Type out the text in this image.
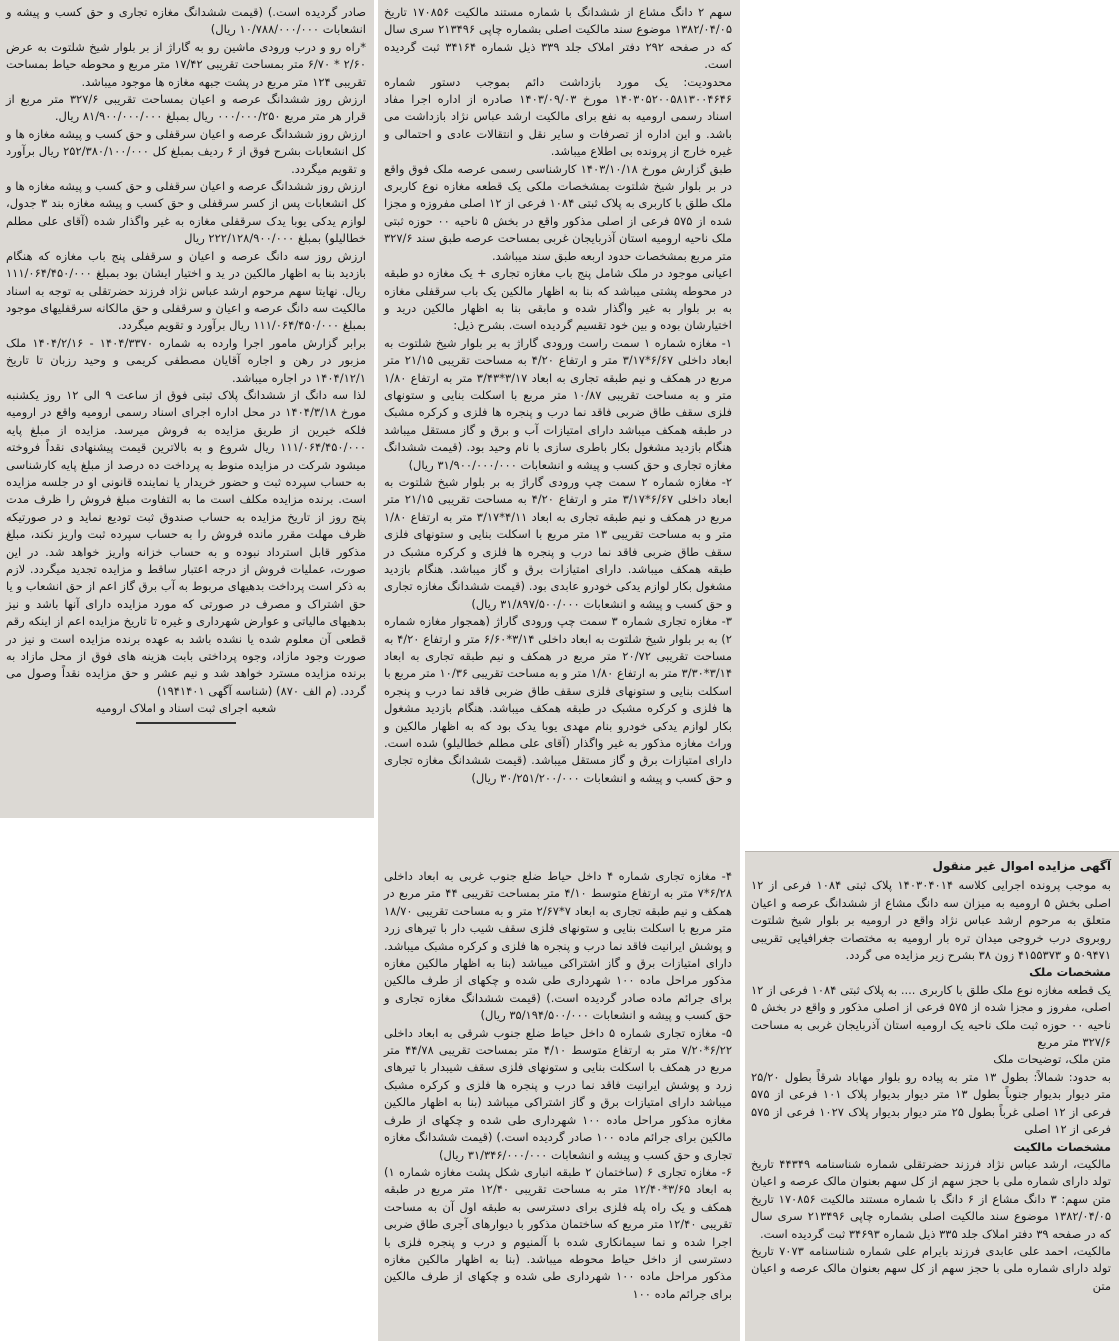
سهم ۲ دانگ مشاع از ششدانگ با شماره مستند مالکیت ۱۷۰۸۵۶ تاریخ ۱۳۸۲/۰۴/۰۵ موضوع سند مالکیت اصلی بشماره چاپی ۲۱۳۴۹۶ سری سال که در صفحه ۲۹۲ دفتر املاک جلد ۳۳۹ ذیل شماره ۳۴۱۶۴ ثبت گردیده است.

محدودیت: یک مورد بازداشت دائم بموجب دستور شماره ۱۴۰۳۰۵۲۰۰۵۸۱۳۰۰۴۶۴۶ مورخ ۱۴۰۳/۰۹/۰۳ صادره از اداره اجرا مفاد اسناد رسمی ارومیه به نفع برای مالکیت ارشد عباس نژاد بازداشت می باشد. و این اداره از تصرفات و سایر نقل و انتقالات عادی و احتمالی و غیره خارج از پرونده بی اطلاع میباشد.

طبق گزارش مورخ ۱۴۰۳/۱۰/۱۸ کارشناسی رسمی عرصه ملک فوق واقع در بر بلوار شیخ شلتوت بمشخصات ملکی یک قطعه مغازه نوع کاربری ملک طلق با کاربری به پلاک ثبتی ۱۰۸۴ فرعی از ۱۲ اصلی مفروزه و مجزا شده از ۵۷۵ فرعی از اصلی مذکور واقع در بخش ۵ ناحیه ۰۰ حوزه ثبتی ملک ناحیه ارومیه استان آذربایجان غربی بمساحت عرصه طبق سند ۳۲۷/۶ متر مربع بمشخصات حدود اربعه طبق سند میباشد.

اعیانی موجود در ملک شامل پنج باب مغازه تجاری + یک مغازه دو طبقه در محوطه پشتی میباشد که بنا به اظهار مالکین یک باب سرقفلی مغازه به بر بلوار به غیر واگذار شده و مابقی بنا به اظهار مالکین درید و اختیارشان بوده و بین خود تقسیم گردیده است. بشرح ذیل:

۱- مغازه شماره ۱ سمت راست ورودی گاراژ به بر بلوار شیخ شلتوت به ابعاد داخلی ۶/۶۷*۳/۱۷ متر و ارتفاع ۴/۲۰ به مساحت تقریبی ۲۱/۱۵ متر مربع در همکف و نیم طبقه تجاری به ابعاد ۳/۱۷*۳/۴۳ متر به ارتفاع ۱/۸۰ متر و به مساحت تقریبی ۱۰/۸۷ متر مربع با اسکلت بنایی و ستونهای فلزی سقف طاق ضربی فاقد نما درب و پنجره ها فلزی و کرکره مشبک در طبقه همکف میباشد دارای امتیازات آب و برق و گاز مستقل میباشد هنگام بازدید مشغول بکار باطری سازی با نام وحید بود. (قیمت ششدانگ مغازه تجاری و حق کسب و پیشه و انشعابات ۳۱/۹۰۰/۰۰۰/۰۰۰ ریال)

۲- مغازه شماره ۲ سمت چپ ورودی گاراژ به بر بلوار شیخ شلتوت به ابعاد داخلی ۶/۶۷*۳/۱۷ متر و ارتفاع ۴/۲۰ به مساحت تقریبی ۲۱/۱۵ متر مربع در همکف و نیم طبقه تجاری به ابعاد ۴/۱۱*۳/۱۷ متر به ارتفاع ۱/۸۰ متر و به مساحت تقریبی ۱۳ متر مربع با اسکلت بنایی و ستونهای فلزی سقف طاق ضربی فاقد نما درب و پنجره ها فلزی و کرکره مشبک در طبقه همکف میباشد. دارای امتیازات برق و گاز میباشد. هنگام بازدید مشغول بکار لوازم یدکی خودرو عابدی بود. (قیمت ششدانگ مغازه تجاری و حق کسب و پیشه و انشعابات ۳۱/۸۹۷/۵۰۰/۰۰۰ ریال)

۳- مغازه تجاری شماره ۳ سمت چپ ورودی گاراژ (همجوار مغازه شماره ۲) به بر بلوار شیخ شلتوت به ابعاد داخلی ۳/۱۴*۶/۶۰ متر و ارتفاع ۴/۲۰ به مساحت تقریبی ۲۰/۷۲ متر مربع در همکف و نیم طبقه تجاری به ابعاد ۳/۱۴*۳/۳۰ متر به ارتفاع ۱/۸۰ متر و به مساحت تقریبی ۱۰/۳۶ متر مربع با اسکلت بنایی و ستونهای فلزی سقف طاق ضربی فاقد نما درب و پنجره ها فلزی و کرکره مشبک در طبقه همکف میباشد. هنگام بازدید مشغول بکار لوازم یدکی خودرو بنام مهدی یوبا یدک بود که به اظهار مالکین و وراث مغازه مذکور به غیر واگذار (آقای علی مطلم خطالیلو) شده است. دارای امتیازات برق و گاز مستقل میباشد. (قیمت ششدانگ مغازه تجاری و حق کسب و پیشه و انشعابات ۳۰/۲۵۱/۲۰۰/۰۰۰ ریال)

۴- مغازه تجاری شماره ۴ داخل حیاط ضلع جنوب غربی به ابعاد داخلی ۶/۲۸*۷ متر به ارتفاع متوسط ۴/۱۰ متر بمساحت تقریبی ۴۴ متر مربع در همکف و نیم طبقه تجاری به ابعاد ۷*۲/۶۷ متر و به مساحت تقریبی ۱۸/۷۰ متر مربع با اسکلت بنایی و ستونهای فلزی سقف شیب دار با تیرهای زرد و پوشش ایرانیت فاقد نما درب و پنجره ها فلزی و کرکره مشبک میباشد. دارای امتیازات برق و گاز اشتراکی میباشد (بنا به اظهار مالکین مغازه مذکور مراحل ماده ۱۰۰ شهرداری طی شده و چکهای از طرف مالکین برای جرائم ماده صادر گردیده است.) (قیمت ششدانگ مغازه تجاری و حق کسب و پیشه و انشعابات ۳۵/۱۹۴/۵۰۰/۰۰۰ ریال)

۵- مغازه تجاری شماره ۵ داخل حیاط ضلع جنوب شرقی به ابعاد داخلی ۶/۲۲*۷/۲۰ متر به ارتفاع متوسط ۴/۱۰ متر بمساحت تقریبی ۴۴/۷۸ متر مربع در همکف با اسکلت بنایی و ستونهای فلزی سقف شیبدار با تیرهای زرد و پوشش ایرانیت فاقد نما درب و پنجره ها فلزی و کرکره مشبک میباشد دارای امتیازات برق و گاز اشتراکی میباشد (بنا به اظهار مالکین مغازه مذکور مراحل ماده ۱۰۰ شهرداری طی شده و چکهای از طرف مالکین برای جرائم ماده ۱۰۰ صادر گردیده است.) (قیمت ششدانگ مغازه تجاری و حق کسب و پیشه و انشعابات ۳۱/۳۴۶/۰۰۰/۰۰۰ ریال)

۶- مغازه تجاری ۶ (ساختمان ۲ طبقه انباری شکل پشت مغازه شماره ۱) به ابعاد ۳/۶۵*۱۲/۴۰ متر به مساحت تقریبی ۱۲/۴۰ متر مربع در طبقه همکف و یک راه پله فلزی برای دسترسی به طبقه اول آن به مساحت تقریبی ۱۲/۴۰ متر مربع که ساختمان مذکور با دیوارهای آجری طاق ضربی اجرا شده و نما سیمانکاری شده با آلمنیوم و درب و پنجره فلزی با دسترسی از داخل حیاط محوطه میباشد. (بنا به اظهار مالکین مغازه مذکور مراحل ماده ۱۰۰ شهرداری طی شده و چکهای از طرف مالکین برای جرائم ماده ۱۰۰

صادر گردیده است.) (قیمت ششدانگ مغازه تجاری و حق کسب و پیشه و انشعابات ۱۰/۷۸۸/۰۰۰/۰۰۰ ریال)

*راه رو و درب ورودی ماشین رو به گاراژ از بر بلوار شیخ شلتوت به عرض ۲/۶۰ * ۶/۷۰ متر بمساحت تقریبی ۱۷/۴۲ متر مربع و محوطه حیاط بمساحت تقریبی ۱۲۴ متر مربع در پشت جبهه مغازه ها موجود میباشد.

ارزش روز ششدانگ عرصه و اعیان بمساحت تقریبی ۳۲۷/۶ متر مربع از قرار هر متر مربع ۰۰۰/۰۰۰/۲۵۰ ریال بمبلغ ۸۱/۹۰۰/۰۰۰/۰۰۰ ریال.

ارزش روز ششدانگ عرصه و اعیان سرقفلی و حق کسب و پیشه مغازه ها و کل انشعابات بشرح فوق از ۶ ردیف بمبلغ کل ۲۵۲/۳۸۰/۱۰۰/۰۰۰ ریال برآورد و تقویم میگردد.

ارزش روز ششدانگ عرصه و اعیان سرقفلی و حق کسب و پیشه مغازه ها و کل انشعابات پس از کسر سرقفلی و حق کسب و پیشه مغازه بند ۳ جدول، لوازم یدکی یوبا یدک سرقفلی مغازه به غیر واگذار شده (آقای علی مطلم خطالیلو) بمبلغ ۲۲۲/۱۲۸/۹۰۰/۰۰۰ ریال

ارزش روز سه دانگ عرصه و اعیان و سرقفلی پنج باب مغازه که هنگام بازدید بنا به اظهار مالکین در ید و اختیار ایشان بود بمبلغ ۱۱۱/۰۶۴/۴۵۰/۰۰۰ ریال. نهایتا سهم مرحوم ارشد عباس نژاد فرزند حضرتقلی به توجه به اسناد مالکیت سه دانگ عرصه و اعیان و سرقفلی و حق مالکانه سرقفلیهای موجود بمبلغ ۱۱۱/۰۶۴/۴۵۰/۰۰۰ ریال برآورد و تقویم میگردد.

برابر گزارش مامور اجرا وارده به شماره ۱۴۰۴/۳۳۷۰ - ۱۴۰۴/۲/۱۶ ملک مزبور در رهن و اجاره آقایان مصطفی کریمی و وحید رزبان تا تاریخ ۱۴۰۴/۱۲/۱ در اجاره میباشد.

لذا سه دانگ از ششدانگ پلاک ثبتی فوق از ساعت ۹ الی ۱۲ روز یکشنبه مورخ ۱۴۰۴/۳/۱۸ در محل اداره اجرای اسناد رسمی ارومیه واقع در ارومیه فلکه خیرین از طریق مزایده به فروش میرسد. مزایده از مبلغ پایه ۱۱۱/۰۶۴/۴۵۰/۰۰۰ ریال شروع و به بالاترین قیمت پیشنهادی نقداً فروخته میشود شرکت در مزایده منوط به پرداخت ده درصد از مبلغ پایه کارشناسی به حساب سپرده ثبت و حضور خریدار یا نماینده قانونی او در جلسه مزایده است. برنده مزایده مکلف است ما به التفاوت مبلغ فروش را ظرف مدت پنج روز از تاریخ مزایده به حساب صندوق ثبت تودیع نماید و در صورتیکه ظرف مهلت مقرر مانده فروش را به حساب سپرده ثبت واریز نکند، مبلغ مذکور قابل استرداد نبوده و به حساب خزانه واریز خواهد شد. در این صورت، عملیات فروش از درجه اعتبار ساقط و مزایده تجدید میگردد. لازم به ذکر است پرداخت بدهیهای مربوط به آب برق گاز اعم از حق انشعاب و یا حق اشتراک و مصرف در صورتی که مورد مزایده دارای آنها باشد و نیز بدهیهای مالیاتی و عوارض شهرداری و غیره تا تاریخ مزایده اعم از اینکه رقم قطعی آن معلوم شده یا نشده باشد به عهده برنده مزایده است و نیز در صورت وجود مازاد، وجوه پرداختی بابت هزینه های فوق از محل مازاد به برنده مزایده مسترد خواهد شد و نیم عشر و حق مزایده نقداً وصول می گردد. (م الف ۸۷۰) (شناسه آگهی ۱۹۴۱۴۰۱)

شعبه اجرای ثبت اسناد و املاک ارومیه

آگهی مزایده اموال غیر منقول

به موجب پرونده اجرایی کلاسه ۱۴۰۳۰۴۰۱۴ پلاک ثبتی ۱۰۸۴ فرعی از ۱۲ اصلی بخش ۵ ارومیه به میزان سه دانگ مشاع از ششدانگ عرصه و اعیان متعلق به مرحوم ارشد عباس نژاد واقع در ارومیه بر بلوار شیخ شلتوت روبروی درب خروجی میدان تره بار ارومیه به مختصات جغرافیایی تقریبی ۵۰۹۴۷۱ و ۴۱۵۵۳۷۳ زون ۳۸ بشرح زیر مزایده می گردد.

مشخصات ملک

یک قطعه مغازه نوع ملک طلق با کاربری .... به پلاک ثبتی ۱۰۸۴ فرعی از ۱۲ اصلی، مفروز و مجزا شده از ۵۷۵ فرعی از اصلی مذکور و واقع در بخش ۵ ناحیه ۰۰ حوزه ثبت ملک ناحیه یک ارومیه استان آذربایجان غربی به مساحت ۳۲۷/۶ متر مربع

متن ملک، توضیحات ملک

به حدود: شمالاً: بطول ۱۳ متر به پیاده رو بلوار مهاباد شرقاً بطول ۲۵/۲۰ متر دیوار بدیوار جنوباً بطول ۱۳ متر دیوار بدیوار پلاک ۱۰۱ فرعی از ۵۷۵ فرعی از ۱۲ اصلی غرباً بطول ۲۵ متر دیوار بدیوار پلاک ۱۰۲۷ فرعی از ۵۷۵ فرعی از ۱۲ اصلی

مشخصات مالکیت

مالکیت، ارشد عباس نژاد فرزند حضرتقلی شماره شناسنامه ۴۴۳۴۹ تاریخ تولد دارای شماره ملی با حجز سهم از کل سهم بعنوان مالک عرصه و اعیان متن سهم: ۳ دانگ مشاع از ۶ دانگ با شماره مستند مالکیت ۱۷۰۸۵۶ تاریخ ۱۳۸۲/۰۴/۰۵ موضوع سند مالکیت اصلی بشماره چاپی ۲۱۳۴۹۶ سری سال که در صفحه ۳۹ دفتر املاک جلد ۳۳۵ ذیل شماره ۳۴۶۹۳ ثبت گردیده است.

مالکیت، احمد علی عابدی فرزند بایرام علی شماره شناسنامه ۷۰۷۳ تاریخ تولد دارای شماره ملی با حجز سهم از کل سهم بعنوان مالک عرصه و اعیان متن
